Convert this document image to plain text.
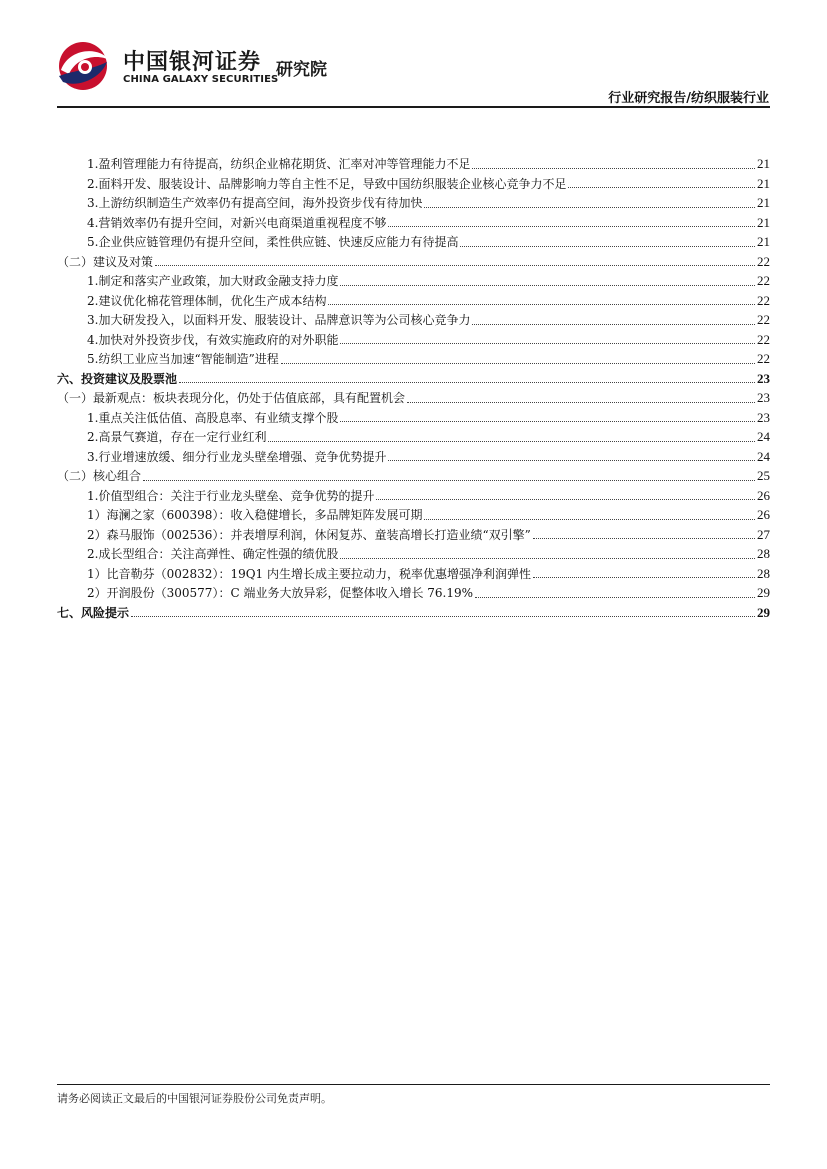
中国银河证券
CHINA GALAXY SECURITIES
研究院
行业研究报告/纺织服装行业
1.盈利管理能力有待提高，纺织企业棉花期货、汇率对冲等管理能力不足	21
2.面料开发、服装设计、品牌影响力等自主性不足，导致中国纺织服装企业核心竞争力不足	21
3.上游纺织制造生产效率仍有提高空间，海外投资步伐有待加快	21
4.营销效率仍有提升空间，对新兴电商渠道重视程度不够	21
5.企业供应链管理仍有提升空间，柔性供应链、快速反应能力有待提高	21
（二）建议及对策	22
1.制定和落实产业政策，加大财政金融支持力度	22
2.建议优化棉花管理体制，优化生产成本结构	22
3.加大研发投入，以面料开发、服装设计、品牌意识等为公司核心竞争力	22
4.加快对外投资步伐，有效实施政府的对外职能	22
5.纺织工业应当加速“智能制造”进程	22
六、投资建议及股票池	23
（一）最新观点：板块表现分化，仍处于估值底部，具有配置机会	23
1.重点关注低估值、高股息率、有业绩支撑个股	23
2.高景气赛道，存在一定行业红利	24
3.行业增速放缓、细分行业龙头壁垒增强、竞争优势提升	24
（二）核心组合	25
1.价值型组合：关注于行业龙头壁垒、竞争优势的提升	26
1）海澜之家（600398）：收入稳健增长，多品牌矩阵发展可期	26
2）森马服饰（002536）：并表增厚利润，休闲复苏、童装高增长打造业绩“双引擎”	27
2.成长型组合：关注高弹性、确定性强的绩优股	28
1）比音勒芬（002832）：19Q1 内生增长成主要拉动力，税率优惠增强净利润弹性	28
2）开润股份（300577）：C 端业务大放异彩，促整体收入增长 76.19%	29
七、风险提示	29
请务必阅读正文最后的中国银河证券股份公司免责声明。
